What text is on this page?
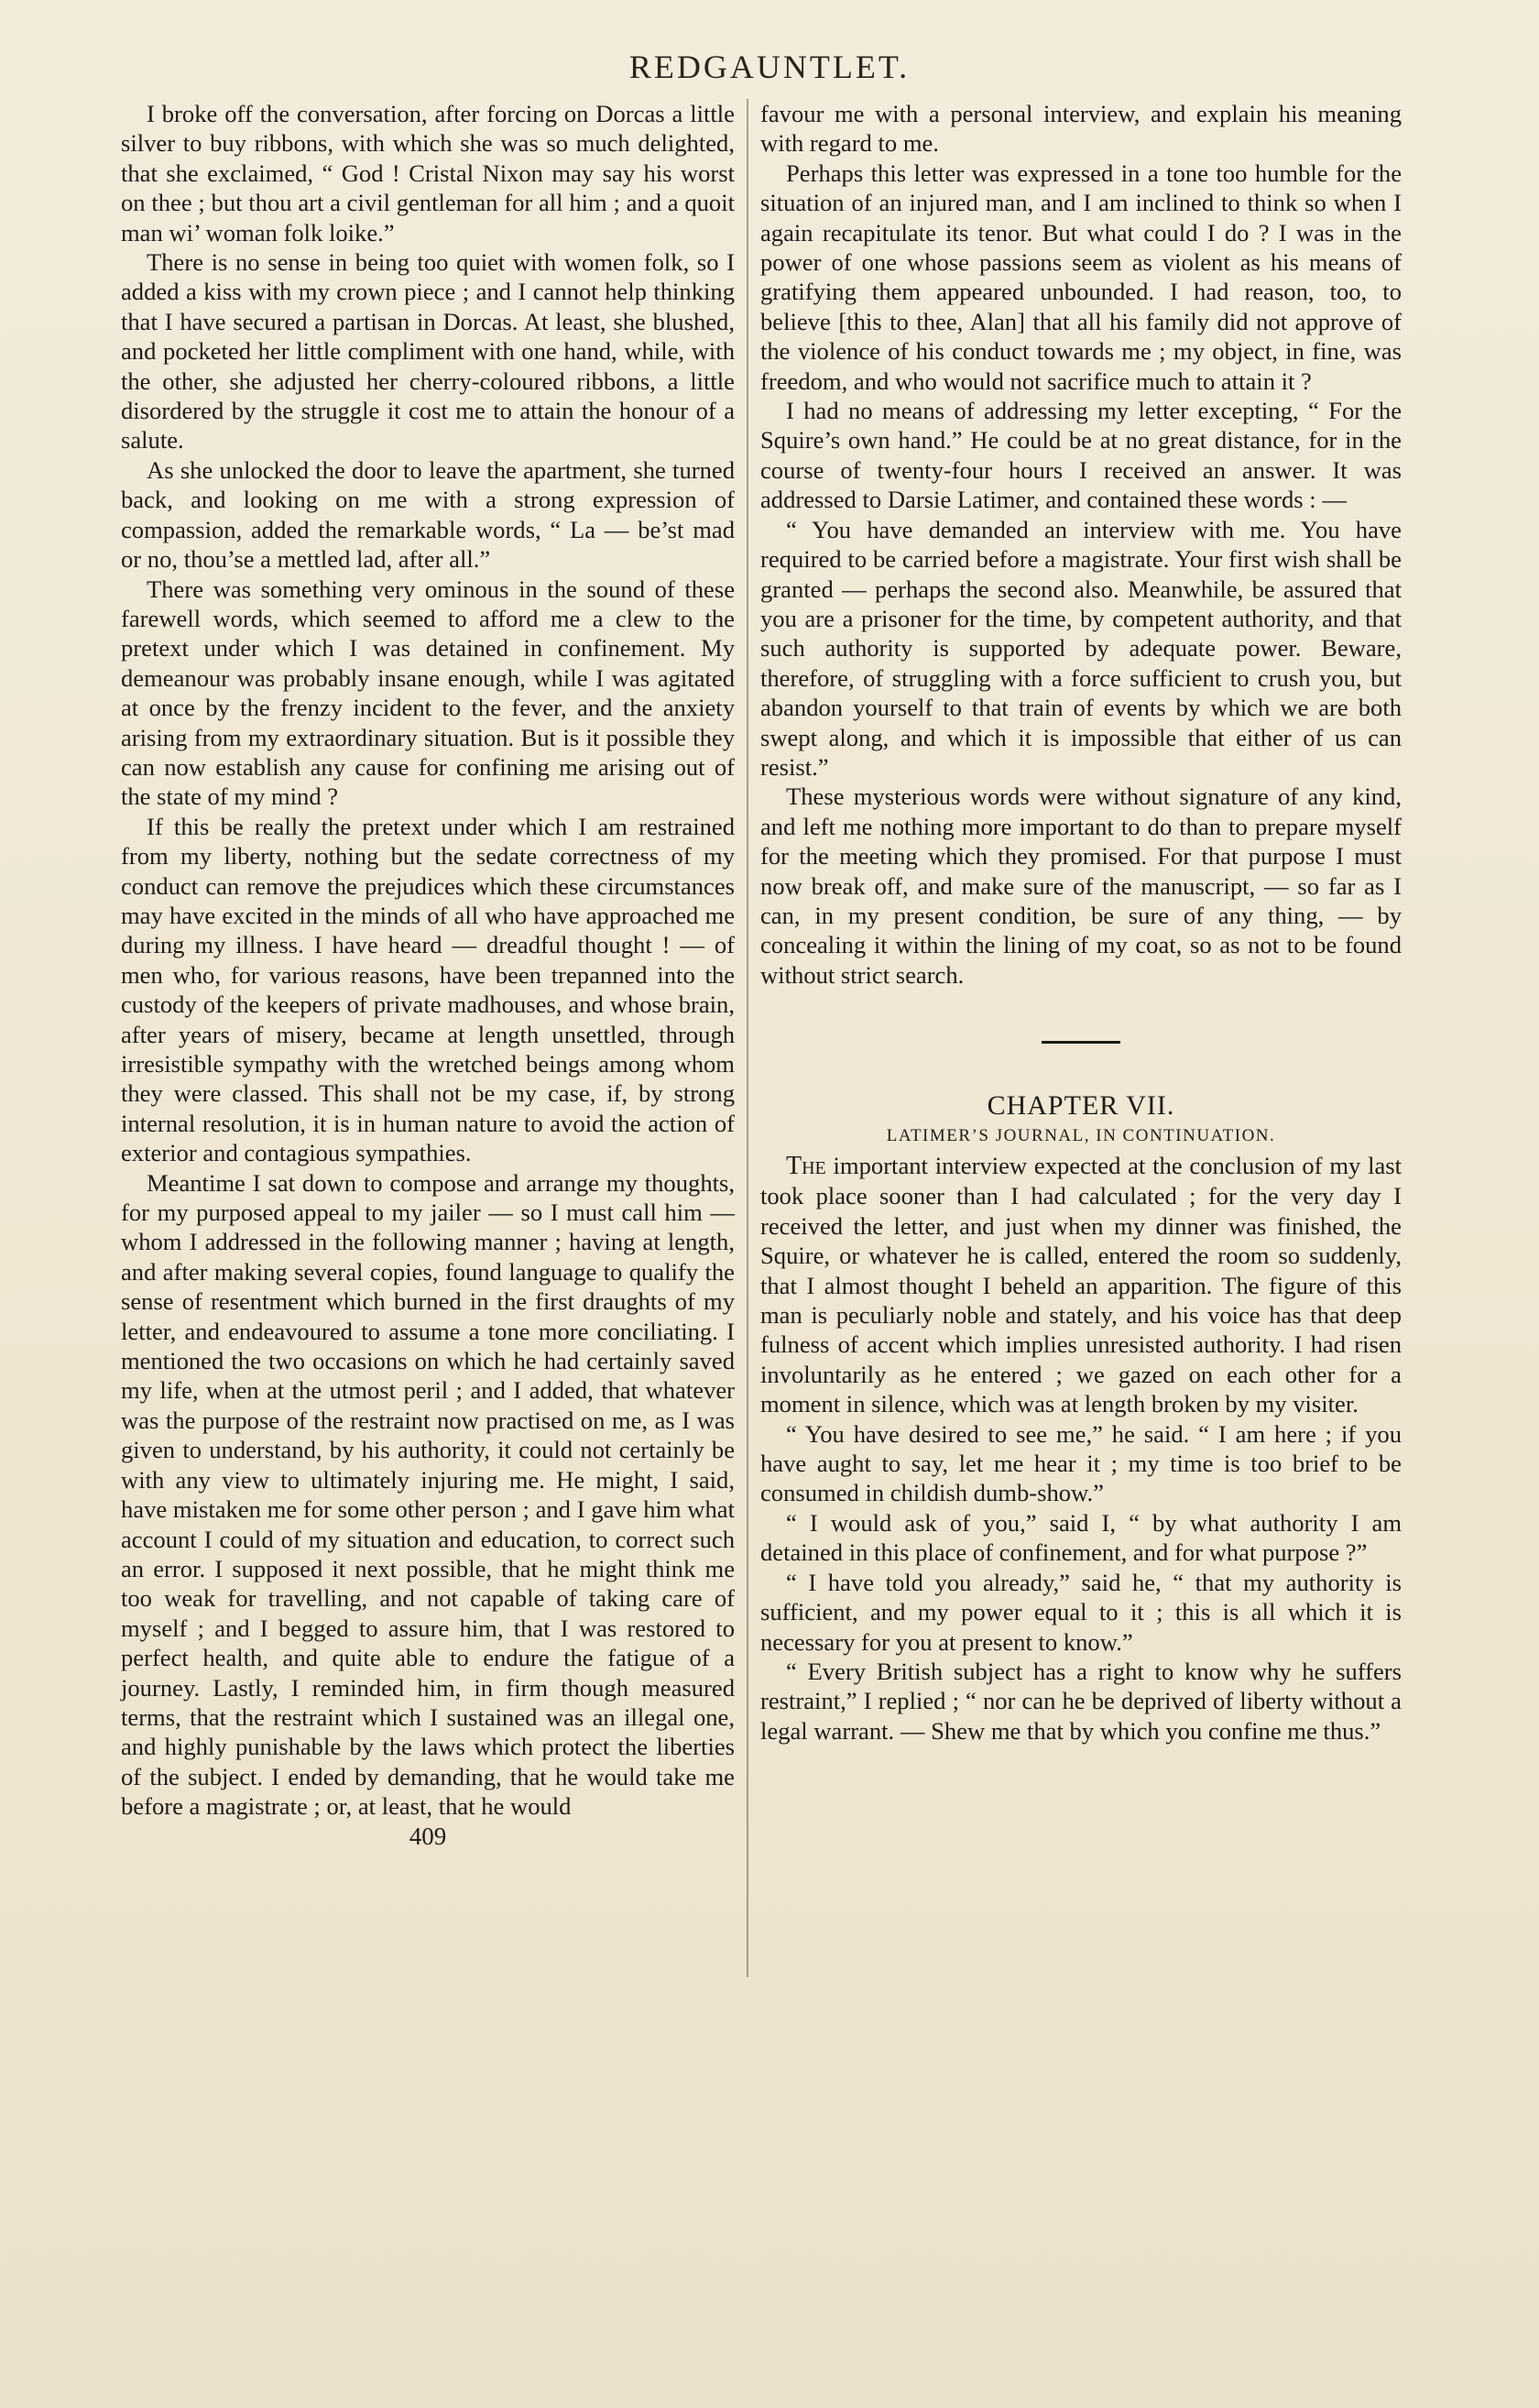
REDGAUNTLET.

I broke off the conversation, after forcing on Dorcas a little silver to buy ribbons, with which she was so much delighted, that she exclaimed, “ God ! Cristal Nixon may say his worst on thee ; but thou art a civil gentleman for all him ; and a quoit man wi’ woman folk loike.”

There is no sense in being too quiet with women folk, so I added a kiss with my crown piece ; and I cannot help thinking that I have secured a partisan in Dorcas. At least, she blushed, and pocketed her little compliment with one hand, while, with the other, she adjusted her cherry-coloured ribbons, a little disordered by the struggle it cost me to attain the honour of a salute.

As she unlocked the door to leave the apartment, she turned back, and looking on me with a strong expression of compassion, added the remarkable words, “ La — be’st mad or no, thou’se a mettled lad, after all.”

There was something very ominous in the sound of these farewell words, which seemed to afford me a clew to the pretext under which I was detained in confinement. My demeanour was probably insane enough, while I was agitated at once by the frenzy incident to the fever, and the anxiety arising from my extraordinary situation. But is it possible they can now establish any cause for confining me arising out of the state of my mind ?

If this be really the pretext under which I am restrained from my liberty, nothing but the sedate correctness of my conduct can remove the prejudices which these circumstances may have excited in the minds of all who have approached me during my illness. I have heard — dreadful thought ! — of men who, for various reasons, have been trepanned into the custody of the keepers of private madhouses, and whose brain, after years of misery, became at length unsettled, through irresistible sympathy with the wretched beings among whom they were classed. This shall not be my case, if, by strong internal resolution, it is in human nature to avoid the action of exterior and contagious sympathies.

Meantime I sat down to compose and arrange my thoughts, for my purposed appeal to my jailer — so I must call him — whom I addressed in the following manner ; having at length, and after making several copies, found language to qualify the sense of resentment which burned in the first draughts of my letter, and endeavoured to assume a tone more conciliating. I mentioned the two occasions on which he had certainly saved my life, when at the utmost peril ; and I added, that whatever was the purpose of the restraint now practised on me, as I was given to understand, by his authority, it could not certainly be with any view to ultimately injuring me. He might, I said, have mistaken me for some other person ; and I gave him what account I could of my situation and education, to correct such an error. I supposed it next possible, that he might think me too weak for travelling, and not capable of taking care of myself ; and I begged to assure him, that I was restored to perfect health, and quite able to endure the fatigue of a journey. Lastly, I reminded him, in firm though measured terms, that the restraint which I sustained was an illegal one, and highly punishable by the laws which protect the liberties of the subject. I ended by demanding, that he would take me before a magistrate ; or, at least, that he would

409

favour me with a personal interview, and explain his meaning with regard to me.

Perhaps this letter was expressed in a tone too humble for the situation of an injured man, and I am inclined to think so when I again recapitulate its tenor. But what could I do ? I was in the power of one whose passions seem as violent as his means of gratifying them appeared unbounded. I had reason, too, to believe [this to thee, Alan] that all his family did not approve of the violence of his conduct towards me ; my object, in fine, was freedom, and who would not sacrifice much to attain it ?

I had no means of addressing my letter excepting, “ For the Squire’s own hand.” He could be at no great distance, for in the course of twenty-four hours I received an answer. It was addressed to Darsie Latimer, and contained these words : —

“ You have demanded an interview with me. You have required to be carried before a magistrate. Your first wish shall be granted — perhaps the second also. Meanwhile, be assured that you are a prisoner for the time, by competent authority, and that such authority is supported by adequate power. Beware, therefore, of struggling with a force sufficient to crush you, but abandon yourself to that train of events by which we are both swept along, and which it is impossible that either of us can resist.”

These mysterious words were without signature of any kind, and left me nothing more important to do than to prepare myself for the meeting which they promised. For that purpose I must now break off, and make sure of the manuscript, — so far as I can, in my present condition, be sure of any thing, — by concealing it within the lining of my coat, so as not to be found without strict search.

CHAPTER VII.

LATIMER’S JOURNAL, IN CONTINUATION.

The important interview expected at the conclusion of my last took place sooner than I had calculated ; for the very day I received the letter, and just when my dinner was finished, the Squire, or whatever he is called, entered the room so suddenly, that I almost thought I beheld an apparition. The figure of this man is peculiarly noble and stately, and his voice has that deep fulness of accent which implies unresisted authority. I had risen involuntarily as he entered ; we gazed on each other for a moment in silence, which was at length broken by my visiter.

“ You have desired to see me,” he said. “ I am here ; if you have aught to say, let me hear it ; my time is too brief to be consumed in childish dumb-show.”

“ I would ask of you,” said I, “ by what authority I am detained in this place of confinement, and for what purpose ?”

“ I have told you already,” said he, “ that my authority is sufficient, and my power equal to it ; this is all which it is necessary for you at present to know.”

“ Every British subject has a right to know why he suffers restraint,” I replied ; “ nor can he be deprived of liberty without a legal warrant. — Shew me that by which you confine me thus.”
